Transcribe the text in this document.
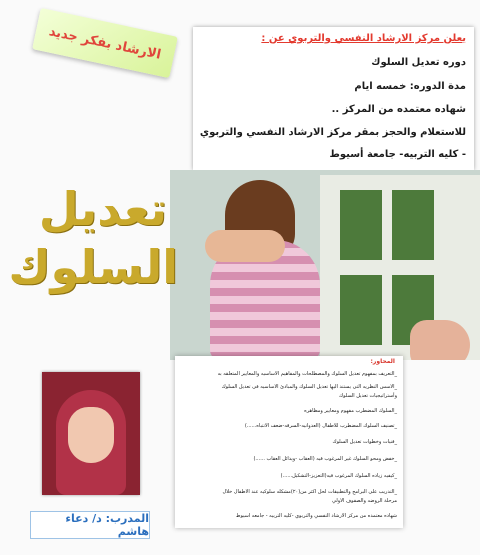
الارشاد بفكر جديد	يعلن مركز الارشاد النفسي والتربوي عن :
دوره تعديل السلوك
مدة الدوره: خمسه ايام
شهاده معتمده من المركز ..
للاستعلام والحجز بمقر مركز الارشاد النفسي والتربوي
- كليه التربيه- جامعة أسيوط
تعديل
السلوك
المحاور:
_التعريف بمفهوم تعديل السلوك والمصطلحات والمفاهيم الاساسيه والمعايير المتعلقه به
_الاسس النظريه التى يستند اليها تعديل السلوك والمبادئ الاساسيه فى تعديل السلوك
وأستراتيجيات تعديل السلوك
_السلوك المضطرب مفهوم ومعايير ومظاهره
_تصنيف السلوك المضطرب للاطفال (العدوانيه-السرقه-ضعف الانتباه......)
_فنيات وخطوات تعديل السلوك
_خفض ومحو السلوك غير المرغوب فيه (العقاب -ويدائل العقاب ......)
_كيفيه زياده السلوك المرغوب فيه(التعزيز-التشكيل......)
_التدريب على البرامج والتطبيقات لحل اكثر من(٢٠)مشكله سلوكيه عند الاطفال خلال
مرحلة الروضه والصفوف الاولي
شهاده معتمده من مركز الارشاد النفسي والتربوي -كليه التربيه - جامعه اسيوط
المدرب: د/ دعاء هاشم
